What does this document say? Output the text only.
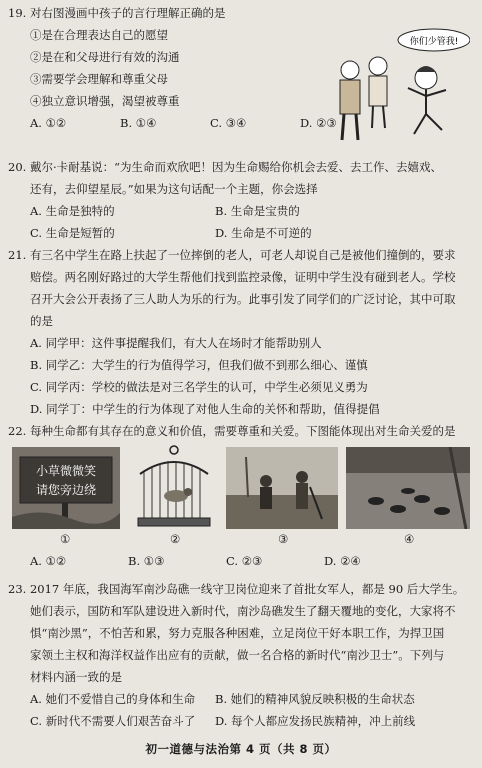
19. 对右图漫画中孩子的言行理解正确的是
①是在合理表达自己的愿望
②是在和父母进行有效的沟通
③需要学会理解和尊重父母
④独立意识增强，渴望被尊重
A. ①②	B. ①④	C. ③④	D. ②③
你们少管我!
20. 戴尔·卡耐基说：“为生命而欢欣吧！因为生命赐给你机会去爱、去工作、去嬉戏、
还有，去仰望星辰。”如果为这句话配一个主题，你会选择
A. 生命是独特的	B. 生命是宝贵的
C. 生命是短暂的	D. 生命是不可逆的
21. 有三名中学生在路上扶起了一位摔倒的老人，可老人却说自己是被他们撞倒的，要求
赔偿。两名刚好路过的大学生帮他们找到监控录像，证明中学生没有碰到老人。学校
召开大会公开表扬了三人助人为乐的行为。此事引发了同学们的广泛讨论，其中可取
的是
A. 同学甲：这件事提醒我们，有大人在场时才能帮助别人
B. 同学乙：大学生的行为值得学习，但我们做不到那么细心、谨慎
C. 同学丙：学校的做法是对三名学生的认可，中学生必须见义勇为
D. 同学丁：中学生的行为体现了对他人生命的关怀和帮助，值得提倡
22. 每种生命都有其存在的意义和价值，需要尊重和关爱。下图能体现出对生命关爱的是
小草微微笑
请您旁边绕
①	②	③	④
A. ①②	B. ①③	C. ②③	D. ②④
23. 2017 年底，我国海军南沙岛礁一线守卫岗位迎来了首批女军人，都是 90 后大学生。
她们表示，国防和军队建设进入新时代，南沙岛礁发生了翻天覆地的变化，大家将不
惧“南沙黑”，不怕苦和累，努力克服各种困难，立足岗位干好本职工作，为捍卫国
家领土主权和海洋权益作出应有的贡献，做一名合格的新时代“南沙卫士”。下列与
材料内涵一致的是
A. 她们不爱惜自己的身体和生命	B. 她们的精神风貌反映积极的生命状态
C. 新时代不需要人们艰苦奋斗了	D. 每个人都应发扬民族精神，冲上前线
初一道德与法治第 4 页（共 8 页）
